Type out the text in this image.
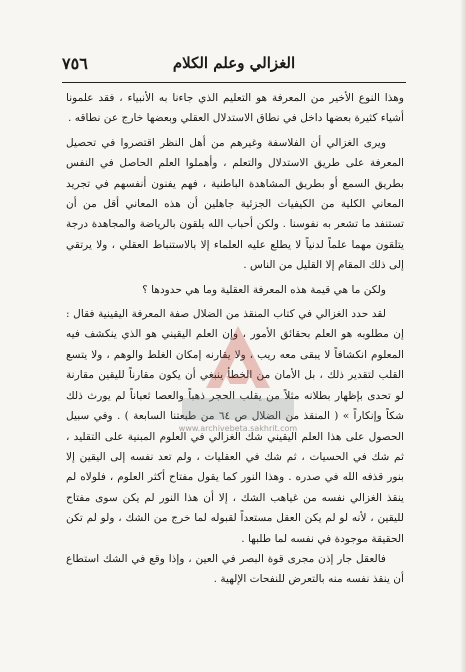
الغزالي وعلم الكلام
٧٥٦

وهذا النوع الأخير من المعرفة هو التعليم الذي جاءنا به الأنبياء ، فقد علمونا أشياء كثيرة بعضها داخل في نطاق الاستدلال العقلي وبعضها خارج عن نطاقه .

ويرى الغزالي أن الفلاسفة وغيرهم من أهل النظر اقتصروا في تحصيل المعرفة على طريق الاستدلال والتعلم ، وأهملوا العلم الحاصل في النفس بطريق السمع أو بطريق المشاهدة الباطنية ، فهم يفنون أنفسهم في تجريد المعاني الكلية من الكيفيات الجزئية جاهلين أن هذه المعاني أقل من أن تستنفد ما تشعر به نفوسنا . ولكن أحباب الله يلقون بالرياضة والمجاهدة درجة يتلقون مهما علماً لدنياً لا يطلع عليه العلماء إلا بالاستنباط العقلي ، ولا يرتقي إلى ذلك المقام إلا القليل من الناس .

ولكن ما هي قيمة هذه المعرفة العقلية وما هي حدودها ؟

لقد حدد الغزالي في كتاب المنقذ من الضلال صفة المعرفة اليقينية فقال : إن مطلوبه هو العلم بحقائق الأمور ، وإن العلم اليقيني هو الذي ينكشف فيه المعلوم انكشافاً لا يبقى معه ريب ، ولا يقارنه إمكان الغلط والوهم ، ولا يتسع القلب لتقدير ذلك ، بل الأمان من الخطأ ينبغي أن يكون مقارناً لليقين مقارنة لو تحدى بإظهار بطلانه مثلاً من يقلب الحجر ذهباً والعصا ثعباناً لم يورث ذلك شكاً وإنكاراً » ( المنقذ من الضلال ص ٦٤ من طبعتنا السابعة ) . وفي سبيل الحصول على هذا العلم اليقيني شك الغزالي في العلوم المبنية على التقليد ، ثم شك في الحسيات ، ثم شك في العقليات ، ولم تعد نفسه إلى اليقين إلا بنور قذفه الله في صدره . وهذا النور كما يقول مفتاح أكثر العلوم ، فلولاه لم ينقذ الغزالي نفسه من غياهب الشك ، إلا أن هذا النور لم يكن سوى مفتاح لليقين ، لأنه لو لم يكن العقل مستعداً لقبوله لما خرج من الشك ، ولو لم تكن الحقيقة موجودة في نفسه لما طلبها .

فالعقل جار إذن مجرى قوة البصر في العين ، وإذا وقع في الشك استطاع أن ينقذ نفسه منه بالتعرض للنفحات الإلهية .

www.archivebeta.sakhrit.com
